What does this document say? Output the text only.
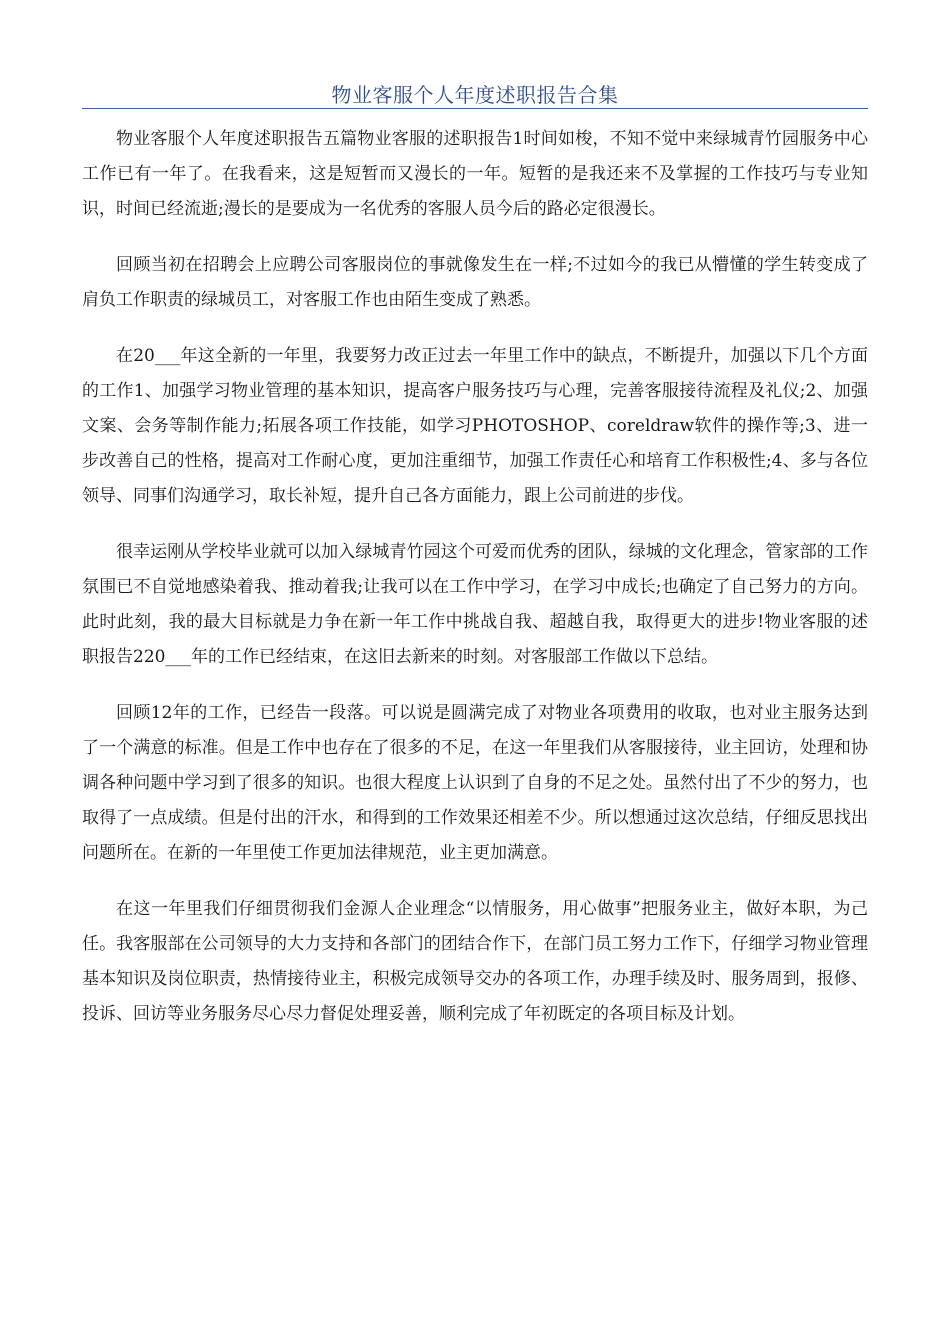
物业客服个人年度述职报告合集

物业客服个人年度述职报告五篇物业客服的述职报告1时间如梭，不知不觉中来绿城青竹园服务中心工作已有一年了。在我看来，这是短暂而又漫长的一年。短暂的是我还来不及掌握的工作技巧与专业知识，时间已经流逝;漫长的是要成为一名优秀的客服人员今后的路必定很漫长。

回顾当初在招聘会上应聘公司客服岗位的事就像发生在一样;不过如今的我已从懵懂的学生转变成了肩负工作职责的绿城员工，对客服工作也由陌生变成了熟悉。

在20___年这全新的一年里，我要努力改正过去一年里工作中的缺点，不断提升，加强以下几个方面的工作1、加强学习物业管理的基本知识，提高客户服务技巧与心理，完善客服接待流程及礼仪;2、加强文案、会务等制作能力;拓展各项工作技能，如学习PHOTOSHOP、coreldraw软件的操作等;3、进一步改善自己的性格，提高对工作耐心度，更加注重细节，加强工作责任心和培育工作积极性;4、多与各位领导、同事们沟通学习，取长补短，提升自己各方面能力，跟上公司前进的步伐。

很幸运刚从学校毕业就可以加入绿城青竹园这个可爱而优秀的团队，绿城的文化理念，管家部的工作氛围已不自觉地感染着我、推动着我;让我可以在工作中学习，在学习中成长;也确定了自己努力的方向。此时此刻，我的最大目标就是力争在新一年工作中挑战自我、超越自我，取得更大的进步!物业客服的述职报告220___年的工作已经结束，在这旧去新来的时刻。对客服部工作做以下总结。

回顾12年的工作，已经告一段落。可以说是圆满完成了对物业各项费用的收取，也对业主服务达到了一个满意的标准。但是工作中也存在了很多的不足，在这一年里我们从客服接待，业主回访，处理和协调各种问题中学习到了很多的知识。也很大程度上认识到了自身的不足之处。虽然付出了不少的努力，也取得了一点成绩。但是付出的汗水，和得到的工作效果还相差不少。所以想通过这次总结，仔细反思找出问题所在。在新的一年里使工作更加法律规范，业主更加满意。

在这一年里我们仔细贯彻我们金源人企业理念“以情服务，用心做事”把服务业主，做好本职，为己任。我客服部在公司领导的大力支持和各部门的团结合作下，在部门员工努力工作下，仔细学习物业管理基本知识及岗位职责，热情接待业主，积极完成领导交办的各项工作，办理手续及时、服务周到，报修、投诉、回访等业务服务尽心尽力督促处理妥善，顺利完成了年初既定的各项目标及计划。
